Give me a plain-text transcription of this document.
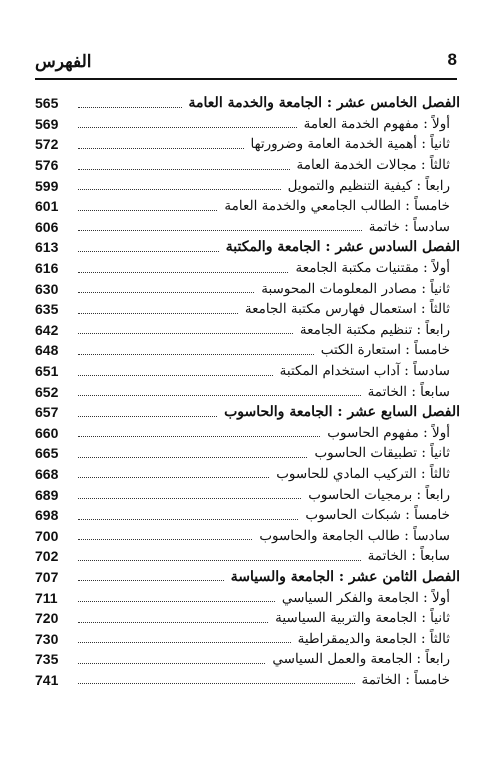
الفهرس	8
الفصل الخامس عشر : الجامعة والخدمة العامة
565
أولاً : مفهوم الخدمة العامة
569
ثانياً : أهمية الخدمة العامة وضرورتها
572
ثالثاً : مجالات الخدمة العامة
576
رابعاً : كيفية التنظيم والتمويل
599
خامساً : الطالب الجامعي والخدمة العامة
601
سادساً : خاتمة
606
الفصل السادس عشر : الجامعة والمكتبة
613
أولاً : مقتنيات مكتبة الجامعة
616
ثانياً : مصادر المعلومات المحوسبة
630
ثالثاً : استعمال فهارس مكتبة الجامعة
635
رابعاً : تنظيم مكتبة الجامعة
642
خامساً : استعارة الكتب
648
سادساً : آداب استخدام المكتبة
651
سابعاً : الخاتمة
652
الفصل السابع عشر : الجامعة والحاسوب
657
أولاً : مفهوم الحاسوب
660
ثانياً : تطبيقات الحاسوب
665
ثالثاً : التركيب المادي للحاسوب
668
رابعاً : برمجيات الحاسوب
689
خامساً : شبكات الحاسوب
698
سادساً : طالب الجامعة والحاسوب
700
سابعاً : الخاتمة
702
الفصل الثامن عشر : الجامعة والسياسة
707
أولاً : الجامعة والفكر السياسي
711
ثانياً : الجامعة والتربية السياسية
720
ثالثاً : الجامعة والديمقراطية
730
رابعاً : الجامعة والعمل السياسي
735
خامساً : الخاتمة
741
